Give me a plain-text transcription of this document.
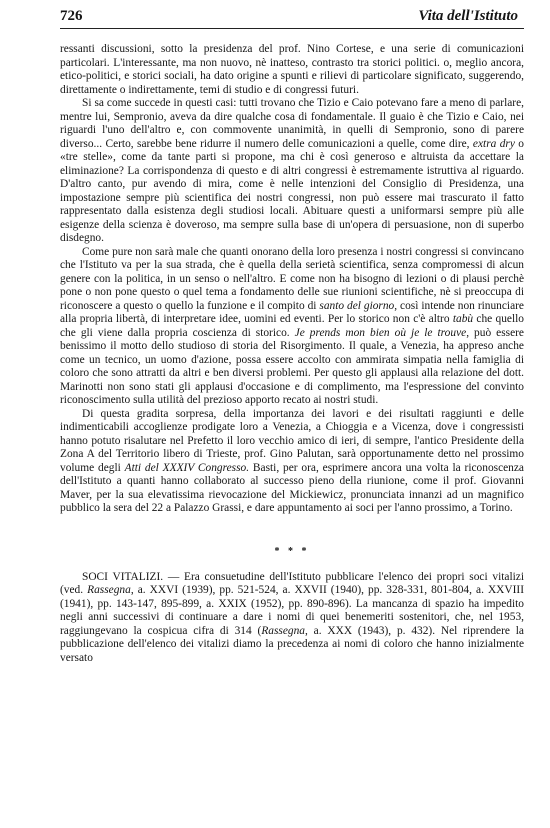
726	Vita dell'Istituto

ressanti discussioni, sotto la presidenza del prof. Nino Cortese, e una serie di comunicazioni particolari. L'interessante, ma non nuovo, nè inatteso, contrasto tra storici politici. o, meglio ancora, etico-politici, e storici sociali, ha dato origine a spunti e rilievi di particolare significato, suggerendo, direttamente o indirettamente, temi di studio e di congressi futuri.

Si sa come succede in questi casi: tutti trovano che Tizio e Caio potevano fare a meno di parlare, mentre lui, Sempronio, aveva da dire qualche cosa di fondamentale. Il guaio è che Tizio e Caio, nei riguardi l'uno dell'altro e, con commovente unanimità, in quelli di Sempronio, sono di parere diverso... Certo, sarebbe bene ridurre il numero delle comunicazioni a quelle, come dire, extra dry o «tre stelle», come da tante parti si propone, ma chi è così generoso e altruista da accettare la eliminazione? La corrispondenza di questo e di altri congressi è estremamente istruttiva al riguardo. D'altro canto, pur avendo di mira, come è nelle intenzioni del Consiglio di Presidenza, una impostazione sempre più scientifica dei nostri congressi, non può essere mai trascurato il fatto rappresentato dalla esistenza degli studiosi locali. Abituare questi a uniformarsi sempre più alle esigenze della scienza è doveroso, ma sempre sulla base di un'opera di persuasione, non di superbo disdegno.

Come pure non sarà male che quanti onorano della loro presenza i nostri congressi si convincano che l'Istituto va per la sua strada, che è quella della serietà scientifica, senza compromessi di alcun genere con la politica, in un senso o nell'altro. E come non ha bisogno di lezioni o di plausi perchè pone o non pone questo o quel tema a fondamento delle sue riunioni scientifiche, nè si preoccupa di riconoscere a questo o quello la funzione e il compito di santo del giorno, così intende non rinunciare alla propria libertà, di interpretare idee, uomini ed eventi. Per lo storico non c'è altro tabù che quello che gli viene dalla propria coscienza di storico. Je prends mon bien où je le trouve, può essere benissimo il motto dello studioso di storia del Risorgimento. Il quale, a Venezia, ha appreso anche come un tecnico, un uomo d'azione, possa essere accolto con ammirata simpatia nella famiglia di coloro che sono attratti da altri e ben diversi problemi. Per questo gli applausi alla relazione del dott. Marinotti non sono stati gli applausi d'occasione e di complimento, ma l'espressione del convinto riconoscimento sulla utilità del prezioso apporto recato ai nostri studi.

Di questa gradita sorpresa, della importanza dei lavori e dei risultati raggiunti e delle indimenticabili accoglienze prodigate loro a Venezia, a Chioggia e a Vicenza, dove i congressisti hanno potuto risalutare nel Prefetto il loro vecchio amico di ieri, di sempre, l'antico Presidente della Zona A del Territorio libero di Trieste, prof. Gino Palutan, sarà opportunamente detto nel prossimo volume degli Atti del XXXIV Congresso. Basti, per ora, esprimere ancora una volta la riconoscenza dell'Istituto a quanti hanno collaborato al successo pieno della riunione, come il prof. Giovanni Maver, per la sua elevatissima rievocazione del Mickiewicz, pronunciata innanzi ad un magnifico pubblico la sera del 22 a Palazzo Grassi, e dare appuntamento ai soci per l'anno prossimo, a Torino.

* * *

SOCI VITALIZI. — Era consuetudine dell'Istituto pubblicare l'elenco dei propri soci vitalizi (ved. Rassegna, a. XXVI (1939), pp. 521-524, a. XXVII (1940), pp. 328-331, 801-804, a. XXVIII (1941), pp. 143-147, 895-899, a. XXIX (1952), pp. 890-896). La mancanza di spazio ha impedito negli anni successivi di continuare a dare i nomi di quei benemeriti sostenitori, che, nel 1953, raggiungevano la cospicua cifra di 314 (Rassegna, a. XXX (1943), p. 432). Nel riprendere la pubblicazione dell'elenco dei vitalizi diamo la precedenza ai nomi di coloro che hanno inizialmente versato
